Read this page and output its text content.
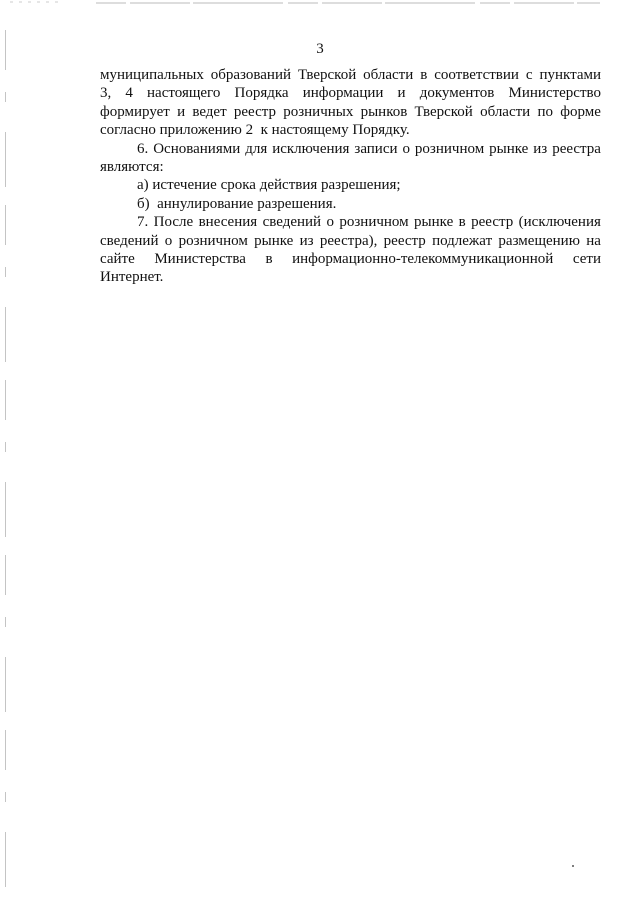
3
муниципальных образований Тверской области в соответствии с пунктами
3, 4 настоящего Порядка информации и документов Министерство
формирует и ведет реестр розничных рынков Тверской области по форме
согласно приложению 2  к настоящему Порядку.
6. Основаниями для исключения записи о розничном рынке из реестра
являются:
а) истечение срока действия разрешения;
б)  аннулирование разрешения.
7. После внесения сведений о розничном рынке в реестр (исключения
сведений о розничном рынке из реестра), реестр подлежат размещению на
сайте Министерства в информационно-телекоммуникационной сети
Интернет.
